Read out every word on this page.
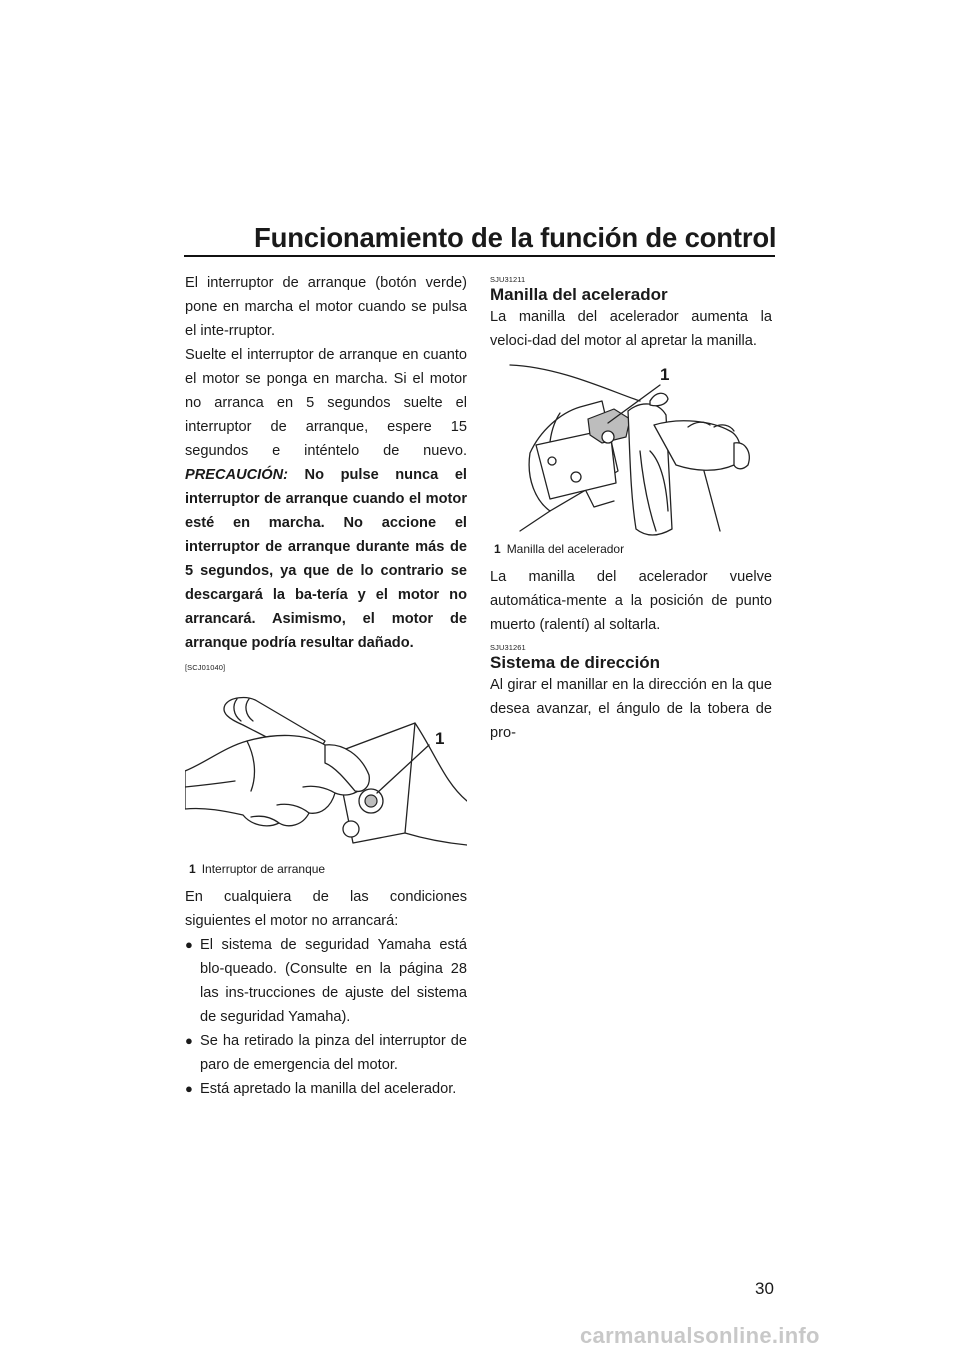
Funcionamiento de la función de control

El interruptor de arranque (botón verde) pone en marcha el motor cuando se pulsa el inte-rruptor.

Suelte el interruptor de arranque en cuanto el motor se ponga en marcha. Si el motor no arranca en 5 segundos suelte el interruptor de arranque, espere 15 segundos e inténtelo de nuevo. PRECAUCIÓN: No pulse nunca el interruptor de arranque cuando el motor esté en marcha. No accione el interruptor de arranque durante más de 5 segundos, ya que de lo contrario se descargará la ba-tería y el motor no arrancará. Asimismo, el motor de arranque podría resultar dañado.

[SCJ01040]
1
1 Interruptor de arranque

En cualquiera de las condiciones siguientes el motor no arrancará:

● El sistema de seguridad Yamaha está blo-queado. (Consulte en la página 28 las ins-trucciones de ajuste del sistema de seguridad Yamaha).
● Se ha retirado la pinza del interruptor de paro de emergencia del motor.
● Está apretado la manilla del acelerador.
SJU31211
Manilla del acelerador

La manilla del acelerador aumenta la veloci-dad del motor al apretar la manilla.

1
1 Manilla del acelerador

La manilla del acelerador vuelve automática-mente a la posición de punto muerto (ralentí) al soltarla.

SJU31261
Sistema de dirección

Al girar el manillar en la dirección en la que desea avanzar, el ángulo de la tobera de pro-

30
carmanualsonline.info
